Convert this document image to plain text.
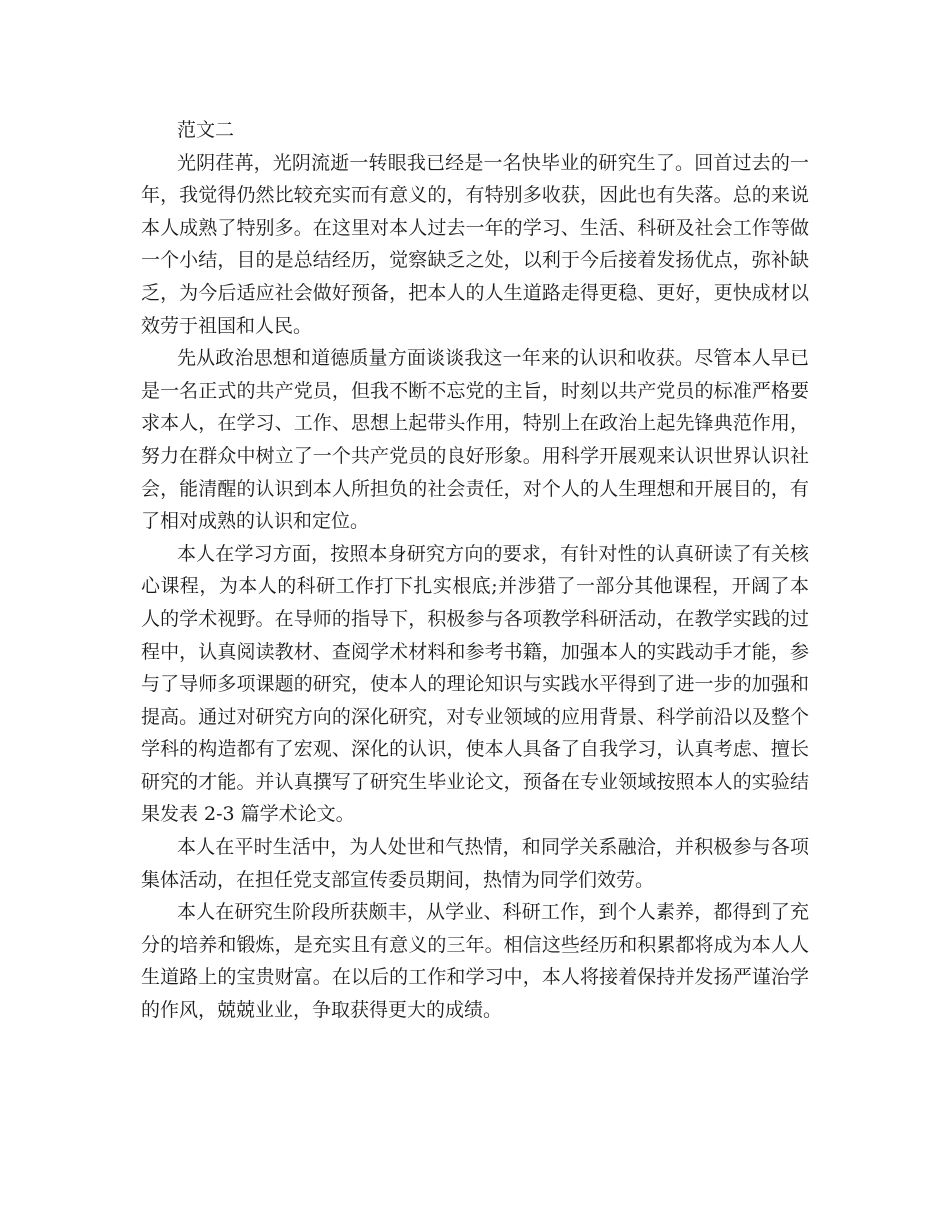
范文二

光阴荏苒，光阴流逝一转眼我已经是一名快毕业的研究生了。回首过去的一年，我觉得仍然比较充实而有意义的，有特别多收获，因此也有失落。总的来说本人成熟了特别多。在这里对本人过去一年的学习、生活、科研及社会工作等做一个小结，目的是总结经历，觉察缺乏之处，以利于今后接着发扬优点，弥补缺乏，为今后适应社会做好预备，把本人的人生道路走得更稳、更好，更快成材以效劳于祖国和人民。

先从政治思想和道德质量方面谈谈我这一年来的认识和收获。尽管本人早已是一名正式的共产党员，但我不断不忘党的主旨，时刻以共产党员的标准严格要求本人，在学习、工作、思想上起带头作用，特别上在政治上起先锋典范作用，努力在群众中树立了一个共产党员的良好形象。用科学开展观来认识世界认识社会，能清醒的认识到本人所担负的社会责任，对个人的人生理想和开展目的，有了相对成熟的认识和定位。

本人在学习方面，按照本身研究方向的要求，有针对性的认真研读了有关核心课程，为本人的科研工作打下扎实根底;并涉猎了一部分其他课程，开阔了本人的学术视野。在导师的指导下，积极参与各项教学科研活动，在教学实践的过程中，认真阅读教材、查阅学术材料和参考书籍，加强本人的实践动手才能，参与了导师多项课题的研究，使本人的理论知识与实践水平得到了进一步的加强和提高。通过对研究方向的深化研究，对专业领域的应用背景、科学前沿以及整个学科的构造都有了宏观、深化的认识，使本人具备了自我学习，认真考虑、擅长研究的才能。并认真撰写了研究生毕业论文，预备在专业领域按照本人的实验结果发表 2-3 篇学术论文。

本人在平时生活中，为人处世和气热情，和同学关系融洽，并积极参与各项集体活动，在担任党支部宣传委员期间，热情为同学们效劳。

本人在研究生阶段所获颇丰，从学业、科研工作，到个人素养，都得到了充分的培养和锻炼，是充实且有意义的三年。相信这些经历和积累都将成为本人人生道路上的宝贵财富。在以后的工作和学习中，本人将接着保持并发扬严谨治学的作风，兢兢业业，争取获得更大的成绩。
